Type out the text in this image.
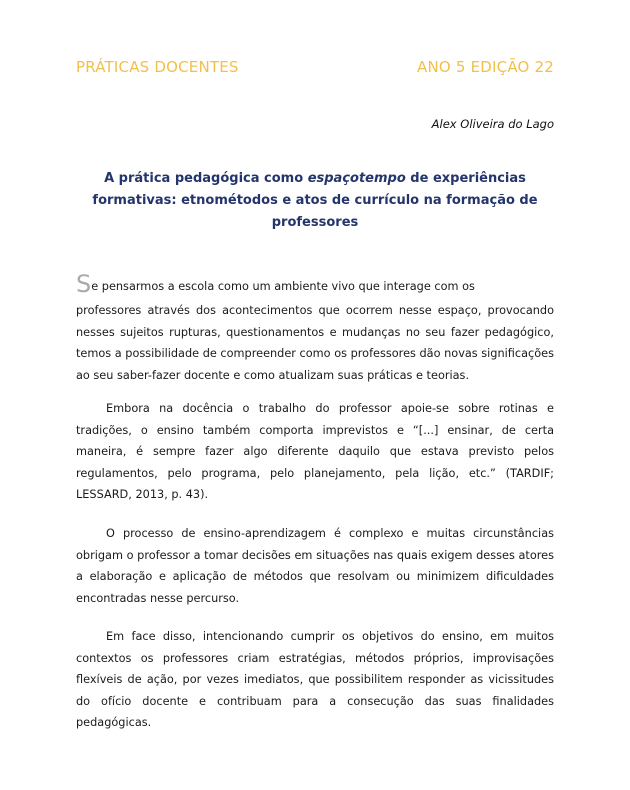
PRÁTICAS DOCENTES	ANO 5 EDIÇÃO 22
Alex Oliveira do Lago
A prática pedagógica como espaçotempo de experiências formativas: etnométodos e atos de currículo na formação de professores
Se pensarmos a escola como um ambiente vivo que interage com os
professores através dos acontecimentos que ocorrem nesse espaço, provocando nesses sujeitos rupturas, questionamentos e mudanças no seu fazer pedagógico, temos a possibilidade de compreender como os professores dão novas significações ao seu saber-fazer docente e como atualizam suas práticas e teorias.
Embora na docência o trabalho do professor apoie-se sobre rotinas e tradições, o ensino também comporta imprevistos e “[...] ensinar, de certa maneira, é sempre fazer algo diferente daquilo que estava previsto pelos regulamentos, pelo programa, pelo planejamento, pela lição, etc.” (TARDIF; LESSARD, 2013, p. 43).
O processo de ensino-aprendizagem é complexo e muitas circunstâncias obrigam o professor a tomar decisões em situações nas quais exigem desses atores a elaboração e aplicação de métodos que resolvam ou minimizem dificuldades encontradas nesse percurso.
Em face disso, intencionando cumprir os objetivos do ensino, em muitos contextos os professores criam estratégias, métodos próprios, improvisações flexíveis de ação, por vezes imediatos, que possibilitem responder as vicissitudes do ofício docente e contribuam para a consecução das suas finalidades pedagógicas.
